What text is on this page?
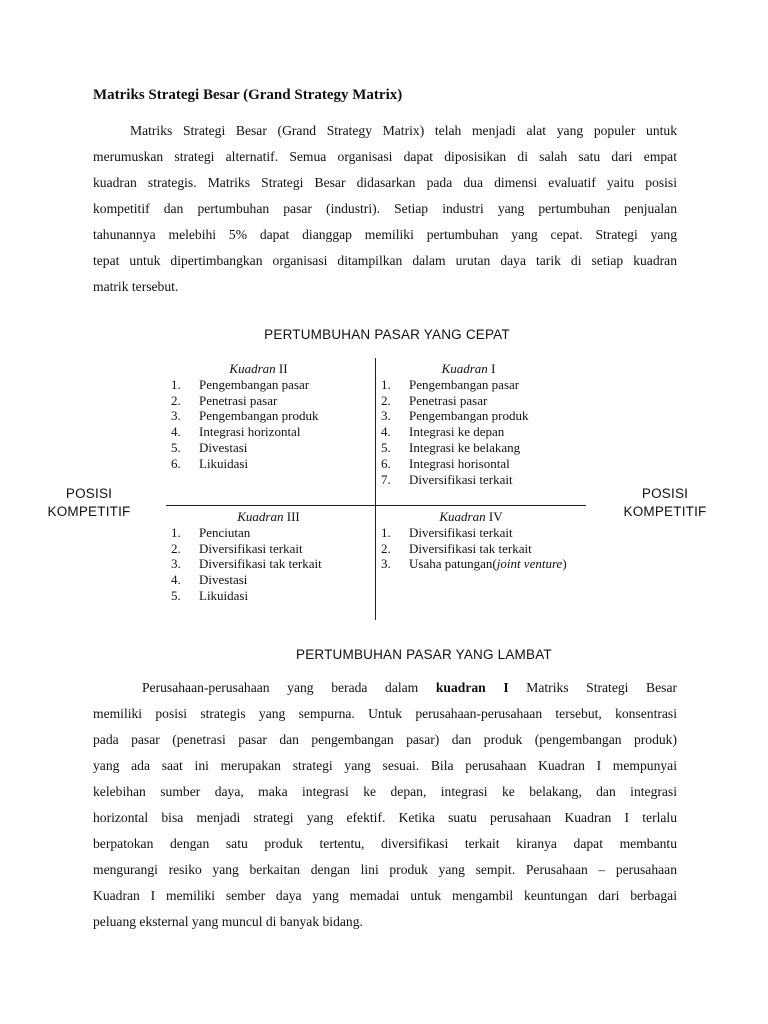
Matriks Strategi Besar (Grand Strategy Matrix)
Matriks Strategi Besar (Grand Strategy Matrix) telah menjadi alat yang populer untuk
merumuskan strategi alternatif. Semua organisasi dapat diposisikan di salah satu dari empat
kuadran strategis. Matriks Strategi Besar didasarkan pada dua dimensi evaluatif yaitu posisi
kompetitif dan pertumbuhan pasar (industri). Setiap industri yang pertumbuhan penjualan
tahunannya melebihi 5% dapat dianggap memiliki pertumbuhan yang cepat. Strategi yang
tepat untuk dipertimbangkan organisasi ditampilkan dalam urutan daya tarik di setiap kuadran
matrik tersebut.
PERTUMBUHAN PASAR YANG CEPAT
PERTUMBUHAN PASAR YANG LAMBAT
POSISI
KOMPETITIF
POSISI
KOMPETITIF
Kuadran II
1. Pengembangan pasar
2. Penetrasi pasar
3. Pengembangan produk
4. Integrasi horizontal
5. Divestasi
6. Likuidasi
Kuadran I
1. Pengembangan pasar
2. Penetrasi pasar
3. Pengembangan produk
4. Integrasi ke depan
5. Integrasi ke belakang
6. Integrasi horisontal
7. Diversifikasi terkait
Kuadran III
1. Penciutan
2. Diversifikasi terkait
3. Diversifikasi tak terkait
4. Divestasi
5. Likuidasi
Kuadran IV
1. Diversifikasi terkait
2. Diversifikasi tak terkait
3. Usaha patungan(joint venture)
Perusahaan-perusahaan yang berada dalam kuadran I Matriks Strategi Besar
memiliki posisi strategis yang sempurna. Untuk perusahaan-perusahaan tersebut, konsentrasi
pada pasar (penetrasi pasar dan pengembangan pasar) dan produk (pengembangan produk)
yang ada saat ini merupakan strategi yang sesuai. Bila perusahaan Kuadran I mempunyai
kelebihan sumber daya, maka integrasi ke depan, integrasi ke belakang, dan integrasi
horizontal bisa menjadi strategi yang efektif. Ketika suatu perusahaan Kuadran I terlalu
berpatokan dengan satu produk tertentu, diversifikasi terkait kiranya dapat membantu
mengurangi resiko yang berkaitan dengan lini produk yang sempit. Perusahaan – perusahaan
Kuadran I memiliki sember daya yang memadai untuk mengambil keuntungan dari berbagai
peluang eksternal yang muncul di banyak bidang.
